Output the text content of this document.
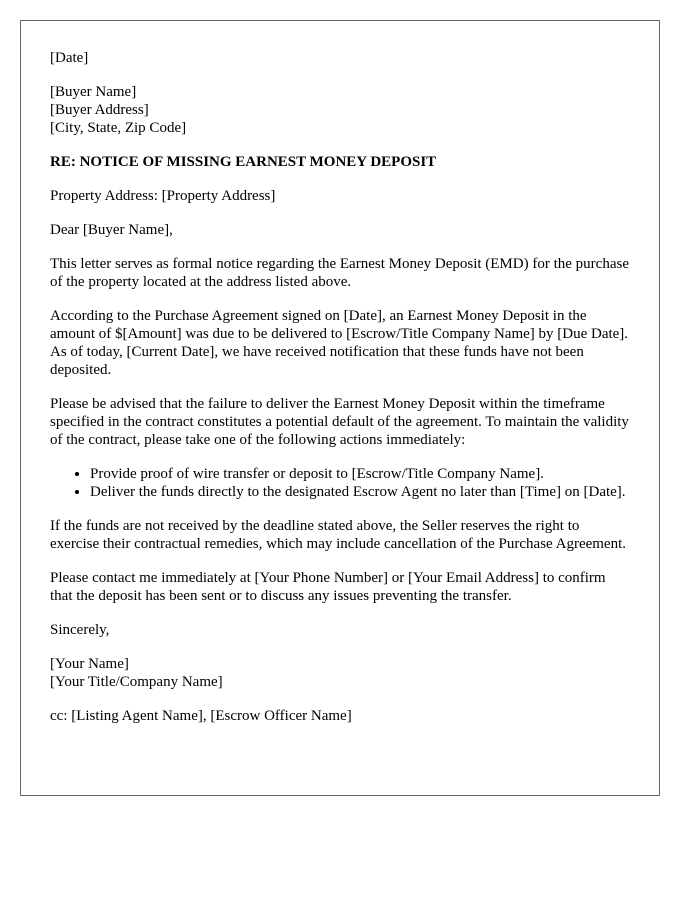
[Date]

[Buyer Name]
[Buyer Address]
[City, State, Zip Code]

RE: NOTICE OF MISSING EARNEST MONEY DEPOSIT

Property Address: [Property Address]

Dear [Buyer Name],

This letter serves as formal notice regarding the Earnest Money Deposit (EMD) for the purchase of the property located at the address listed above.

According to the Purchase Agreement signed on [Date], an Earnest Money Deposit in the amount of $[Amount] was due to be delivered to [Escrow/Title Company Name] by [Due Date]. As of today, [Current Date], we have received notification that these funds have not been deposited.

Please be advised that the failure to deliver the Earnest Money Deposit within the timeframe specified in the contract constitutes a potential default of the agreement. To maintain the validity of the contract, please take one of the following actions immediately:

• Provide proof of wire transfer or deposit to [Escrow/Title Company Name].
• Deliver the funds directly to the designated Escrow Agent no later than [Time] on [Date].

If the funds are not received by the deadline stated above, the Seller reserves the right to exercise their contractual remedies, which may include cancellation of the Purchase Agreement.

Please contact me immediately at [Your Phone Number] or [Your Email Address] to confirm that the deposit has been sent or to discuss any issues preventing the transfer.

Sincerely,

[Your Name]
[Your Title/Company Name]

cc: [Listing Agent Name], [Escrow Officer Name]
